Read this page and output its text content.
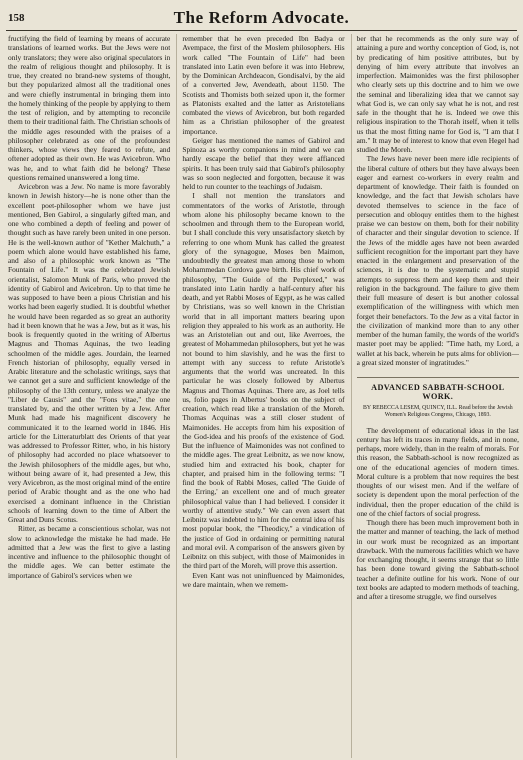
158	The Reform Advocate.

fructifying the field of learning by means of accurate translations of learned works. But the Jews were not only translators; they were also original speculators in the realm of religious thought and philosophy. It is true, they created no brand-new systems of thought, but they popularized almost all the traditional ones and were chiefly instrumental in bringing them into the homely thinking of the people by applying to them the test of religion, and by attempting to reconcile them to their traditional faith. The Christian schools of the middle ages resounded with the praises of a philosopher celebrated as one of the profoundest thinkers, whose views they feared to refute, and oftener adopted as their own. He was Avicebron. Who was he, and to what faith did he belong? These questions remained unanswered a long time.

Avicebron was a Jew. No name is more favorably known in Jewish history—he is none other than the excellent poet-philosopher whom we have just mentioned, Ben Gabirol, a singularly gifted man, and one who combined a depth of feeling and power of thought such as have rarely been united in one person. He is the well-known author of "Kether Malchuth," a poem which alone would have established his fame, and also of a philosophic work known as "The Fountain of Life." It was the celebrated Jewish orientalist, Salomon Munk of Paris, who proved the identity of Gabirol and Avicebron. Up to that time he was supposed to have been a pious Christian and his works had been eagerly studied. It is doubtful whether he would have been regarded as so great an authority had it been known that he was a Jew, but as it was, his book is frequently quoted in the writing of Albertus Magnus and Thomas Aquinas, the two leading schoolmen of the middle ages. Jourdain, the learned French historian of philosophy, equally versed in Arabic literature and the scholastic writings, says that we cannot get a sure and sufficient knowledge of the philosophy of the 13th century, unless we analyze the "Liber de Causis" and the "Fons vitae," the one translated by, and the other written by a Jew. After Munk had made his magnificent discovery he communicated it to the learned world in 1846. His article for the Litteraturblatt des Orients of that year was addressed to Professor Ritter, who, in his history of philosophy had accorded no place whatsoever to the Jewish philosophers of the middle ages, but who, without being aware of it, had presented a Jew, this very Avicebron, as the most original mind of the entire period of Arabic thought and as the one who had exercised a dominant influence in the Christian schools of learning down to the time of Albert the Great and Duns Scotus.

Ritter, as became a conscientious scholar, was not slow to acknowledge the mistake he had made. He admitted that a Jew was the first to give a lasting incentive and influence to the philosophic thought of the middle ages. We can better estimate the importance of Gabirol's services when we

remember that he even preceded Ibn Badya or Avempace, the first of the Moslem philosophers. His work called "The Fountain of Life" had been translated into Latin even before it was into Hebrew, by the Dominican Archdeacon, Gondisalvi, by the aid of a converted Jew, Avendeath, about 1150. The Scotists and Thomists both seized upon it, the former as Platonists exalted and the latter as Aristotelians combated the views of Avicebron, but both regarded him as a Christian philosopher of the greatest importance.

Geiger has mentioned the names of Gabirol and Spinoza as worthy companions in mind and we can hardly escape the belief that they were affianced spirits. It has been truly said that Gabirol's philosophy was so soon neglected and forgotten, because it was held to run counter to the teachings of Judaism.

I shall not mention the translators and commentators of the works of Aristotle, through whom alone his philosophy became known to the schoolmen and through them to the European world, but I shall conclude this very unsatisfactory sketch by referring to one whom Munk has called the greatest glory of the synagogue, Moses ben Maimon, undoubtedly the greatest man among those to whom Mohammedan Cordova gave birth. His chief work of philosophy, "The Guide of the Perplexed," was translated into Latin hardly a half-century after his death, and yet Rabbi Moses of Egypt, as he was called by Christians, was so well known in the Christian world that in all important matters bearing upon religion they appealed to his work as an authority. He was an Aristotelian out and out, like Averroes, the greatest of Mohammedan philosophers, but yet he was not bound to him slavishly, and he was the first to attempt with any success to refute Aristotle's arguments that the world was uncreated. In this particular he was closely followed by Albertus Magnus and Thomas Aquinas. There are, as Joel tells us, folio pages in Albertus' books on the subject of creation, which read like a translation of the Moreh. Thomas Acquinas was a still closer student of Maimonides. He accepts from him his exposition of the God-idea and his proofs of the existence of God. But the influence of Maimonides was not confined to the middle ages. The great Leibnitz, as we now know, studied him and extracted his book, chapter for chapter, and praised him in the following terms: "I find the book of Rabbi Moses, called 'The Guide of the Erring,' an excellent one and of much greater philosophical value than I had believed. I consider it worthy of attentive study." We can even assert that Leibnitz was indebted to him for the central idea of his most popular book, the "Theodicy," a vindication of the justice of God in ordaining or permitting natural and moral evil. A comparison of the answers given by Leibnitz on this subject, with those of Maimonides in the third part of the Moreh, will prove this assertion.

Even Kant was not uninfluenced by Maimonides, we dare maintain, when we remem-

ber that he recommends as the only sure way of attaining a pure and worthy conception of God, is, not by predicating of him positive attributes, but by denying of him every attribute that involves an imperfection. Maimonides was the first philosopher who clearly sets up this doctrine and to him we owe the seminal and liberalizing idea that we cannot say what God is, we can only say what he is not, and rest safe in the thought that he is. Indeed we owe this religious inspiration to the Thorah itself, when it tells us that the most fitting name for God is, "I am that I am." It may be of interest to know that even Hegel had studied the Moreh.

The Jews have never been mere idle recipients of the liberal culture of others but they have always been eager and earnest co-workers in every realm and department of knowledge. Their faith is founded on knowledge, and the fact that Jewish scholars have devoted themselves to science in the face of persecution and obloquy entitles them to the highest praise we can bestow on them, both for their nobility of character and their singular devotion to science. If the Jews of the middle ages have not been awarded sufficient recognition for the important part they have enacted in the enlargement and preservation of the sciences, it is due to the systematic and stupid attempts to suppress them and keep them and their religion in the background. The failure to give them their full measure of desert is but another colossal exemplification of the willingness with which men forget their benefactors. To the Jew as a vital factor in the civilization of mankind more than to any other member of the human family, the words of the world's master poet may be applied: "Time hath, my Lord, a wallet at his back, wherein he puts alms for oblivion—a great sized monster of ingratitudes."

ADVANCED SABBATH-SCHOOL WORK.
BY REBECCA LESEM, QUINCY, ILL. Read before the Jewish Women's Religious Congress, Chicago, 1893.

The development of educational ideas in the last century has left its traces in many fields, and in none, perhaps, more widely, than in the realm of morals. For this reason, the Sabbath-school is now recognized as one of the educational agencies of modern times. Moral culture is a problem that now requires the best thoughts of our wisest men. And if the welfare of society is dependent upon the moral perfection of the individual, then the proper education of the child is one of the chief factors of social progress.

Though there has been much improvement both in the matter and manner of teaching, the lack of method in our work must be recognized as an important drawback. With the numerous facilities which we have for exchanging thought, it seems strange that so little has been done toward giving the Sabbath-school teacher a definite outline for his work. None of our text books are adapted to modern methods of teaching, and after a tiresome struggle, we find ourselves
